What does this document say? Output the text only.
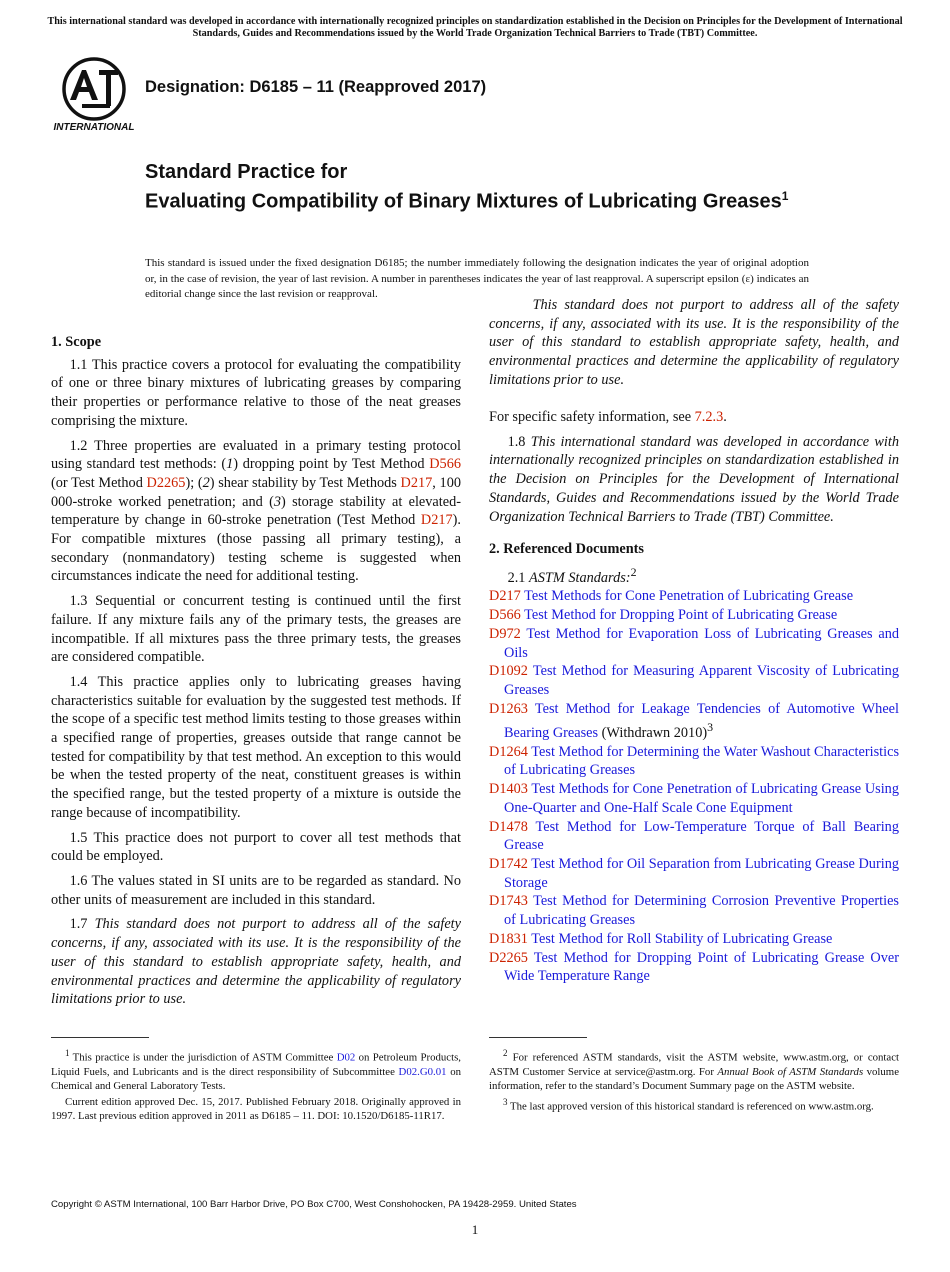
This international standard was developed in accordance with internationally recognized principles on standardization established in the Decision on Principles for the Development of International Standards, Guides and Recommendations issued by the World Trade Organization Technical Barriers to Trade (TBT) Committee.
INTERNATIONAL
Designation: D6185 – 11 (Reapproved 2017)
Standard Practice for
Evaluating Compatibility of Binary Mixtures of Lubricating Greases$^1$
This standard is issued under the fixed designation D6185; the number immediately following the designation indicates the year of original adoption or, in the case of revision, the year of last revision. A number in parentheses indicates the year of last reapproval. A superscript epsilon (ε) indicates an editorial change since the last revision or reapproval.
1. Scope

1.1 This practice covers a protocol for evaluating the compatibility of one or three binary mixtures of lubricating greases by comparing their properties or performance relative to those of the neat greases comprising the mixture.

1.2 Three properties are evaluated in a primary testing protocol using standard test methods: (1) dropping point by Test Method D566 (or Test Method D2265); (2) shear stability by Test Methods D217, 100 000-stroke worked penetration; and (3) storage stability at elevated-temperature by change in 60-stroke penetration (Test Method D217). For compatible mixtures (those passing all primary testing), a secondary (nonmandatory) testing scheme is suggested when circumstances indicate the need for additional testing.

1.3 Sequential or concurrent testing is continued until the first failure. If any mixture fails any of the primary tests, the greases are incompatible. If all mixtures pass the three primary tests, the greases are considered compatible.

1.4 This practice applies only to lubricating greases having characteristics suitable for evaluation by the suggested test methods. If the scope of a specific test method limits testing to those greases within a specified range of properties, greases outside that range cannot be tested for compatibility by that test method. An exception to this would be when the tested property of the neat, constituent greases is within the specified range, but the tested property of a mixture is outside the range because of incompatibility.

1.5 This practice does not purport to cover all test methods that could be employed.

1.6 The values stated in SI units are to be regarded as standard. No other units of measurement are included in this standard.

1.7 This standard does not purport to address all of the safety concerns, if any, associated with its use. It is the responsibility of the user of this standard to establish appropriate safety, health, and environmental practices and determine the applicability of regulatory limitations prior to use.

This standard does not purport to address all of the safety concerns, if any, associated with its use. It is the responsibility of the user of this standard to establish appropriate safety, health, and environmental practices and determine the applicability of regulatory limitations prior to use.
For specific safety information, see 7.2.3.

1.8 This international standard was developed in accordance with internationally recognized principles on standardization established in the Decision on Principles for the Development of International Standards, Guides and Recommendations issued by the World Trade Organization Technical Barriers to Trade (TBT) Committee.

2. Referenced Documents

2.1 ASTM Standards:$^2$

D217 Test Methods for Cone Penetration of Lubricating Grease

D566 Test Method for Dropping Point of Lubricating Grease

D972 Test Method for Evaporation Loss of Lubricating Greases and Oils

D1092 Test Method for Measuring Apparent Viscosity of Lubricating Greases

D1263 Test Method for Leakage Tendencies of Automotive Wheel Bearing Greases (Withdrawn 2010)$^3$

D1264 Test Method for Determining the Water Washout Characteristics of Lubricating Greases

D1403 Test Methods for Cone Penetration of Lubricating Grease Using One-Quarter and One-Half Scale Cone Equipment

D1478 Test Method for Low-Temperature Torque of Ball Bearing Grease

D1742 Test Method for Oil Separation from Lubricating Grease During Storage

D1743 Test Method for Determining Corrosion Preventive Properties of Lubricating Greases

D1831 Test Method for Roll Stability of Lubricating Grease

D2265 Test Method for Dropping Point of Lubricating Grease Over Wide Temperature Range

$^1$ This practice is under the jurisdiction of ASTM Committee D02 on Petroleum Products, Liquid Fuels, and Lubricants and is the direct responsibility of Subcommittee D02.G0.01 on Chemical and General Laboratory Tests.

Current edition approved Dec. 15, 2017. Published February 2018. Originally approved in 1997. Last previous edition approved in 2011 as D6185 – 11. DOI: 10.1520/D6185-11R17.

$^2$ For referenced ASTM standards, visit the ASTM website, www.astm.org, or contact ASTM Customer Service at service@astm.org. For Annual Book of ASTM Standards volume information, refer to the standard’s Document Summary page on the ASTM website.

$^3$ The last approved version of this historical standard is referenced on www.astm.org.

Copyright © ASTM International, 100 Barr Harbor Drive, PO Box C700, West Conshohocken, PA 19428-2959. United States
1
